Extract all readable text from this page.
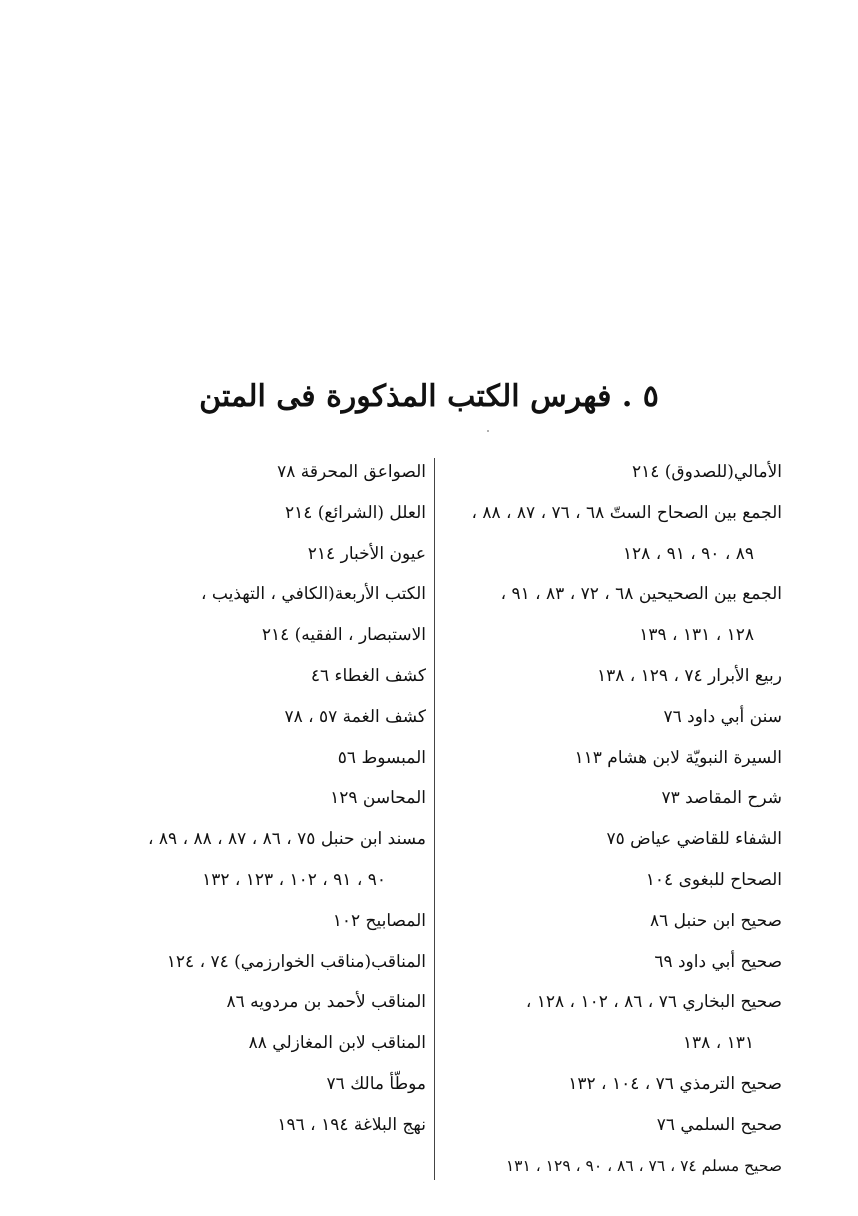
٥ . فهرس الكتب المذكورة فى المتن
الأمالي(للصدوق) ٢١٤
الجمع بين الصحاح الستّ ٦٨ ، ٧٦ ، ٨٧ ، ٨٨ ،
٨٩ ، ٩٠ ، ٩١ ، ١٢٨
الجمع بين الصحيحين ٦٨ ، ٧٢ ، ٨٣ ، ٩١ ،
١٢٨ ، ١٣١ ، ١٣٩
ربيع الأبرار ٧٤ ، ١٢٩ ، ١٣٨
سنن أبي داود ٧٦
السيرة النبويّة لابن هشام ١١٣
شرح المقاصد ٧٣
الشفاء للقاضي عياض ٧٥
الصحاح للبغوى ١٠٤
صحيح ابن حنبل ٨٦
صحيح أبي داود ٦٩
صحيح البخاري ٧٦ ، ٨٦ ، ١٠٢ ، ١٢٨ ،
١٣١ ، ١٣٨
صحيح الترمذي ٧٦ ، ١٠٤ ، ١٣٢
صحيح السلمي ٧٦
صحيح مسلم ٧٤ ، ٧٦ ، ٨٦ ، ٩٠ ، ١٢٩ ، ١٣١
الصواعق المحرقة ٧٨
العلل (الشرائع) ٢١٤
عيون الأخبار ٢١٤
الكتب الأربعة(الكافي ، التهذيب ،
الاستبصار ، الفقيه) ٢١٤
كشف الغطاء ٤٦
كشف الغمة ٥٧ ، ٧٨
المبسوط ٥٦
المحاسن ١٢٩
مسند ابن حنبل ٧٥ ، ٨٦ ، ٨٧ ، ٨٨ ، ٨٩ ،
٩٠ ، ٩١ ، ١٠٢ ، ١٢٣ ، ١٣٢
المصابيح ١٠٢
المناقب(مناقب الخوارزمي) ٧٤ ، ١٢٤
المناقب لأحمد بن مردويه ٨٦
المناقب لابن المغازلي ٨٨
موطّأ مالك ٧٦
نهج البلاغة ١٩٤ ، ١٩٦
